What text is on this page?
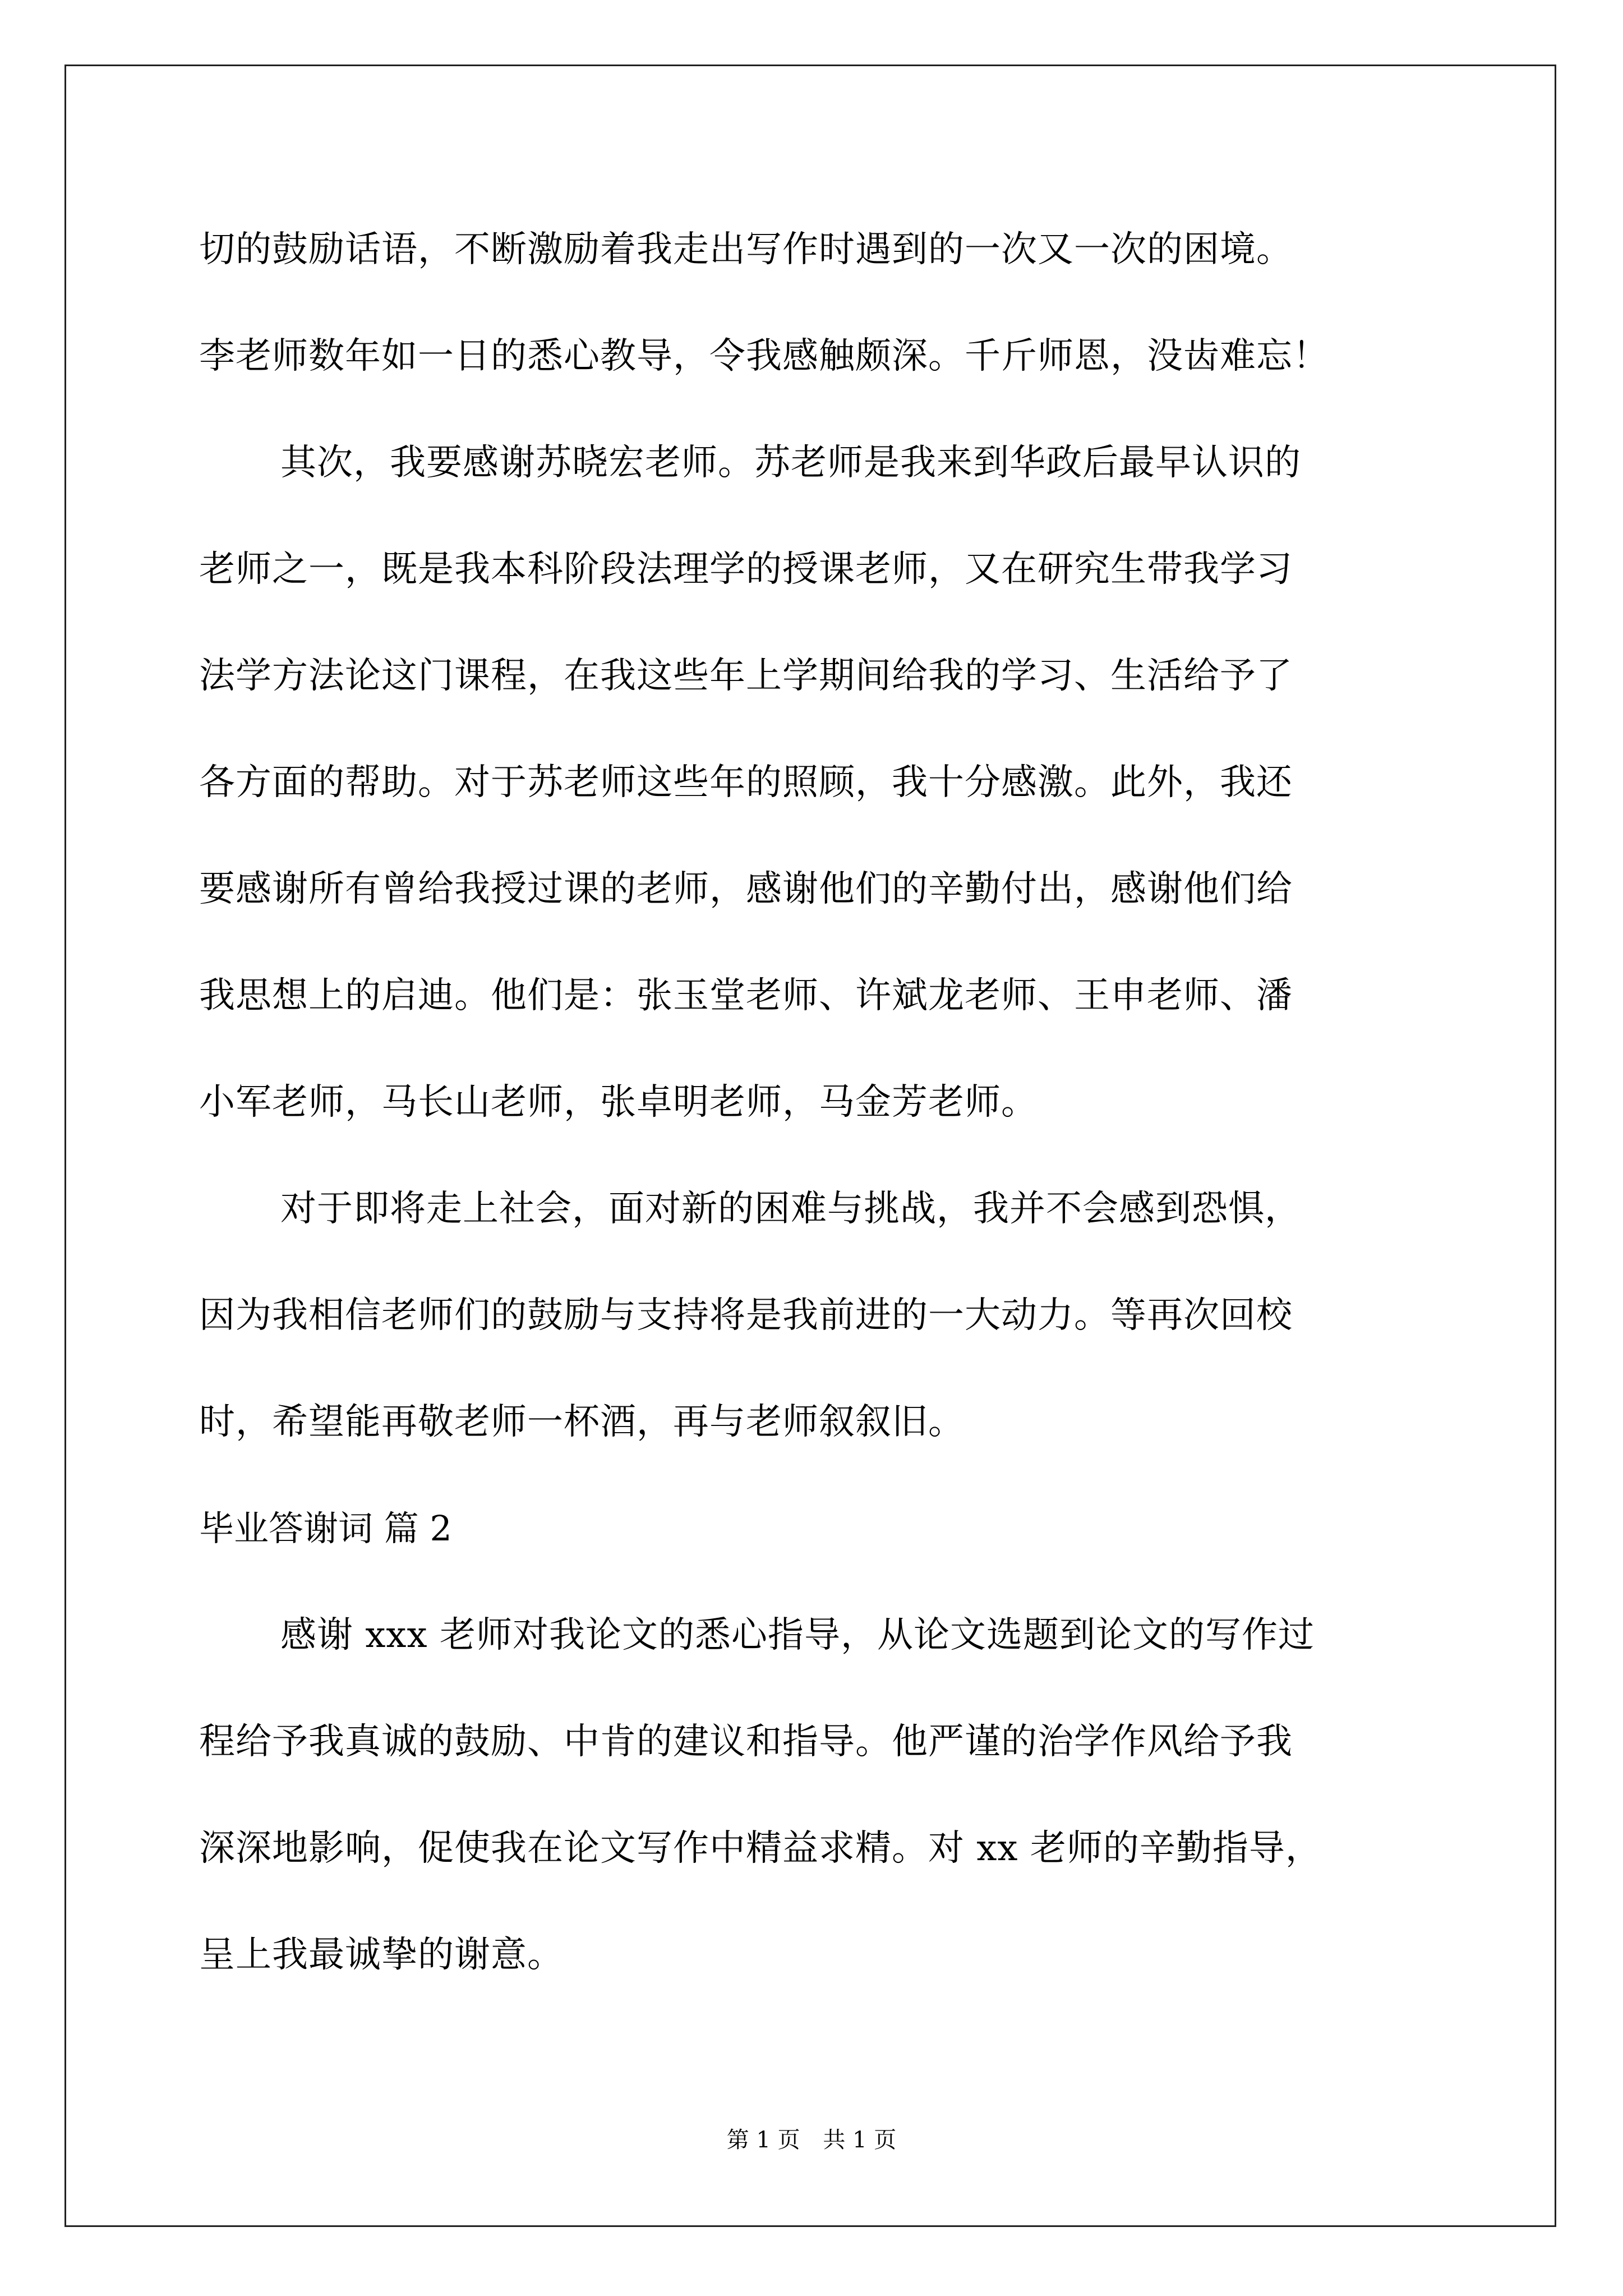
切的鼓励话语，不断激励着我走出写作时遇到的一次又一次的困境。
李老师数年如一日的悉心教导，令我感触颇深。千斤师恩，没齿难忘！
其次，我要感谢苏晓宏老师。苏老师是我来到华政后最早认识的
老师之一，既是我本科阶段法理学的授课老师，又在研究生带我学习
法学方法论这门课程，在我这些年上学期间给我的学习、生活给予了
各方面的帮助。对于苏老师这些年的照顾，我十分感激。此外，我还
要感谢所有曾给我授过课的老师，感谢他们的辛勤付出，感谢他们给
我思想上的启迪。他们是：张玉堂老师、许斌龙老师、王申老师、潘
小军老师，马长山老师，张卓明老师，马金芳老师。
对于即将走上社会，面对新的困难与挑战，我并不会感到恐惧，
因为我相信老师们的鼓励与支持将是我前进的一大动力。等再次回校
时，希望能再敬老师一杯酒，再与老师叙叙旧。
毕业答谢词 篇 2
感谢 xxx 老师对我论文的悉心指导，从论文选题到论文的写作过
程给予我真诚的鼓励、中肯的建议和指导。他严谨的治学作风给予我
深深地影响，促使我在论文写作中精益求精。对 xx 老师的辛勤指导，
呈上我最诚挚的谢意。
第 1 页 共 1 页
